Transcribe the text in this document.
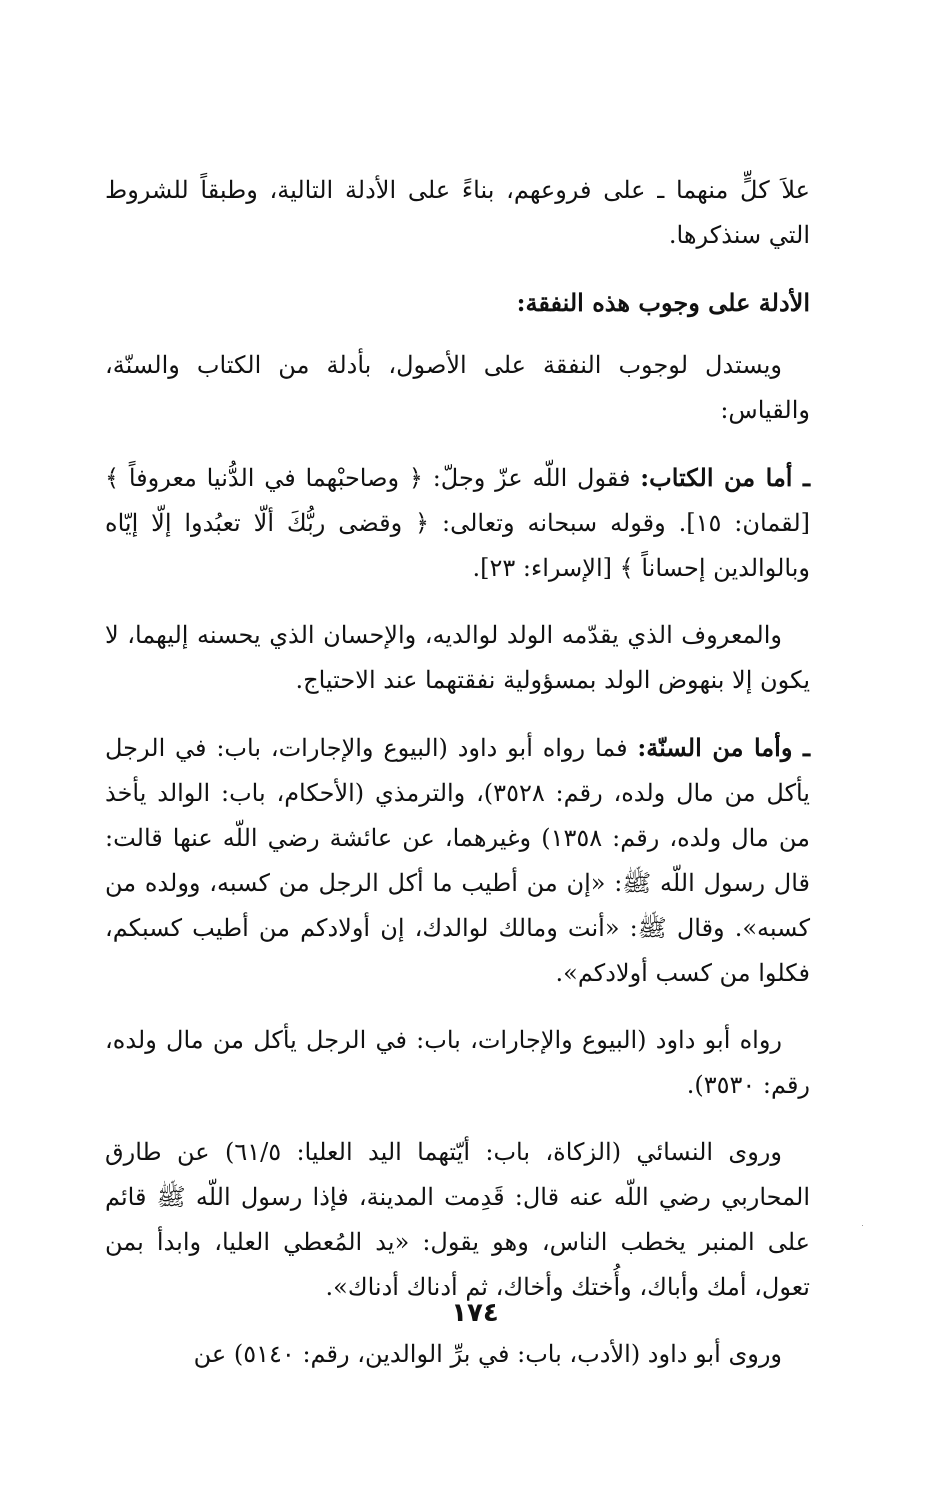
علاَ كلٍّ منهما ـ على فروعهم، بناءً على الأدلة التالية، وطبقاً للشروط التي سنذكرها.

الأدلة على وجوب هذه النفقة:

ويستدل لوجوب النفقة على الأصول، بأدلة من الكتاب والسنّة، والقياس:

ـ أما من الكتاب: فقول اللّه عزّ وجلّ: ﴿ وصاحبْهما في الدُّنيا معروفاً ﴾ [لقمان: ١٥]. وقوله سبحانه وتعالى: ﴿ وقضى ربُّكَ ألّا تعبُدوا إلّا إيّاه وبالوالدين إحساناً ﴾ [الإسراء: ٢٣].

والمعروف الذي يقدّمه الولد لوالديه، والإحسان الذي يحسنه إليهما، لا يكون إلا بنهوض الولد بمسؤولية نفقتهما عند الاحتياج.

ـ وأما من السنّة: فما رواه أبو داود (البيوع والإجارات، باب: في الرجل يأكل من مال ولده، رقم: ٣٥٢٨)، والترمذي (الأحكام، باب: الوالد يأخذ من مال ولده، رقم: ١٣٥٨) وغيرهما، عن عائشة رضي اللّه عنها قالت: قال رسول اللّه ﷺ: «إن من أطيب ما أكل الرجل من كسبه، وولده من كسبه». وقال ﷺ: «أنت ومالك لوالدك، إن أولادكم من أطيب كسبكم، فكلوا من كسب أولادكم».

رواه أبو داود (البيوع والإجارات، باب: في الرجل يأكل من مال ولده، رقم: ٣٥٣٠).

وروى النسائي (الزكاة، باب: أيّتهما اليد العليا: ٦١/٥) عن طارق المحاربي رضي اللّه عنه قال: قَدِمت المدينة، فإذا رسول اللّه ﷺ قائم على المنبر يخطب الناس، وهو يقول: «يد المُعطي العليا، وابدأ بمن تعول، أمك وأباك، وأُختك وأخاك، ثم أدناك أدناك».

وروى أبو داود (الأدب، باب: في برِّ الوالدين، رقم: ٥١٤٠) عن

١٧٤
